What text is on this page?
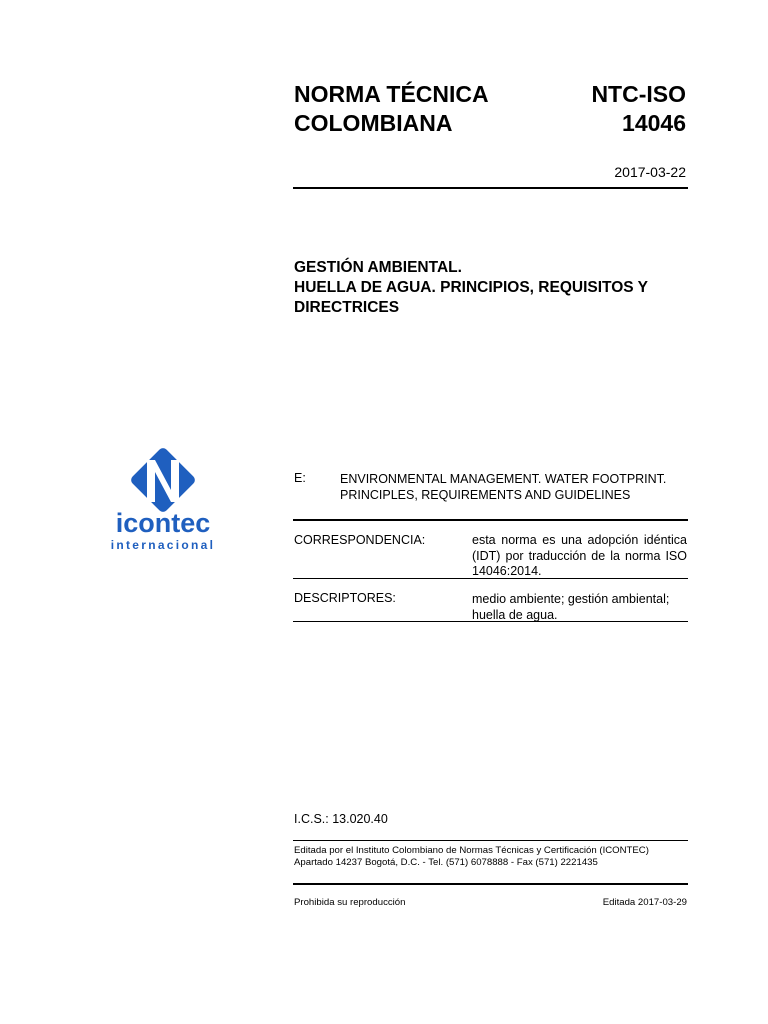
NORMA TÉCNICA
COLOMBIANA
NTC-ISO
14046
2017-03-22
GESTIÓN AMBIENTAL.
HUELLA DE AGUA. PRINCIPIOS, REQUISITOS Y
DIRECTRICES
icontec
internacional
E:	ENVIRONMENTAL MANAGEMENT. WATER FOOTPRINT.
PRINCIPLES, REQUIREMENTS AND GUIDELINES
CORRESPONDENCIA:	esta norma es una adopción idéntica (IDT) por traducción de la norma ISO 14046:2014.
DESCRIPTORES:	medio ambiente; gestión ambiental; huella de agua.
I.C.S.: 13.020.40
Editada por el Instituto Colombiano de Normas Técnicas y Certificación (ICONTEC)
Apartado 14237 Bogotá, D.C. - Tel. (571) 6078888 - Fax (571) 2221435
Prohibida su reproducción	Editada 2017-03-29
